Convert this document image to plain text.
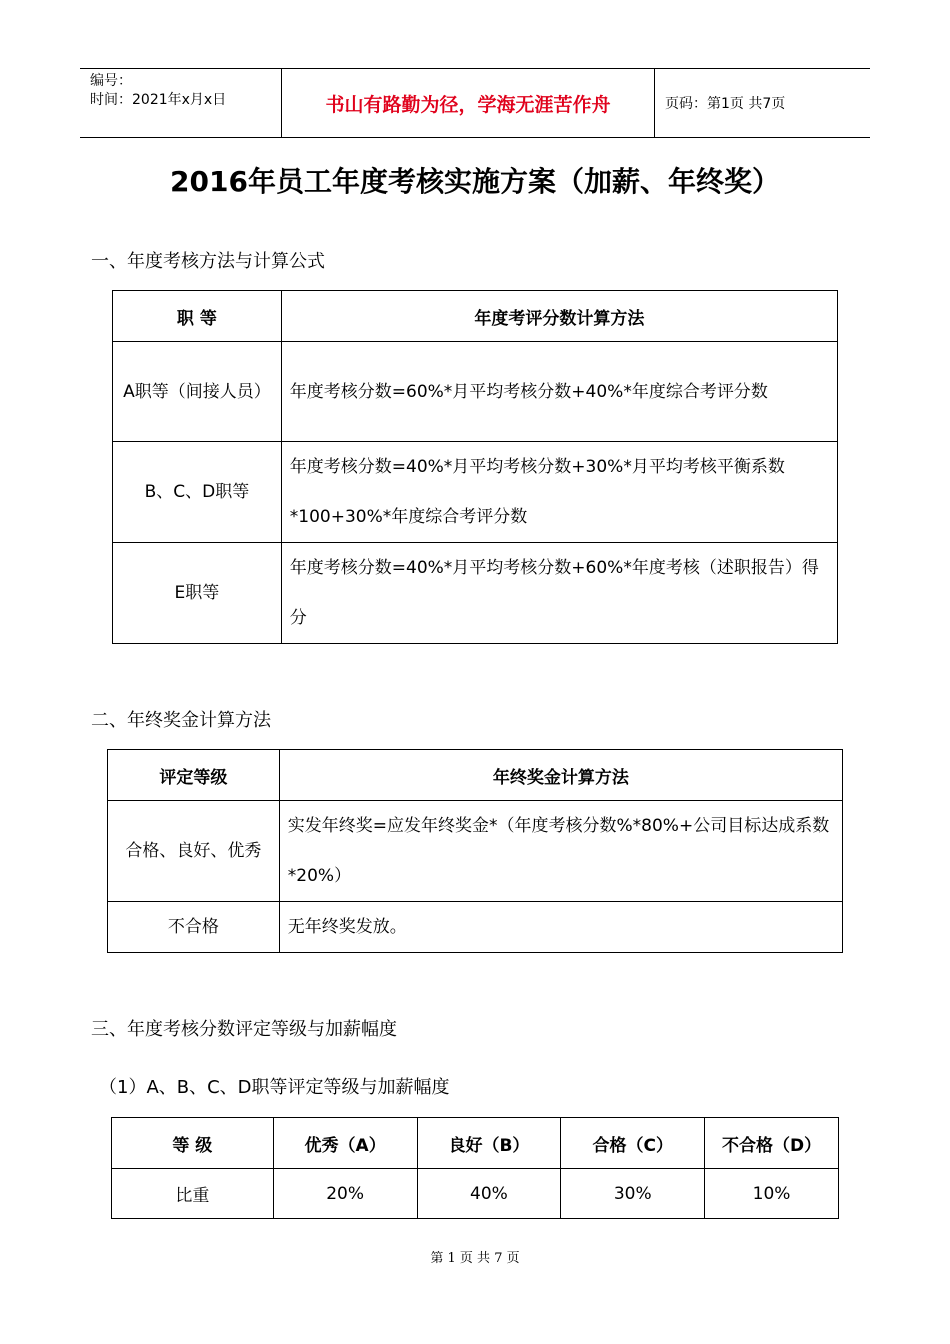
编号：
时间：2021年x月x日	书山有路勤为径，学海无涯苦作舟	页码：第1页 共7页
2016年员工年度考核实施方案（加薪、年终奖）
一、年度考核方法与计算公式
职 等	年度考评分数计算方法
A职等（间接人员）	年度考核分数=60%*月平均考核分数+40%*年度综合考评分数
B、C、D职等	年度考核分数=40%*月平均考核分数+30%*月平均考核平衡系数*100+30%*年度综合考评分数
E职等	年度考核分数=40%*月平均考核分数+60%*年度考核（述职报告）得分
二、年终奖金计算方法
评定等级	年终奖金计算方法
合格、良好、优秀	实发年终奖=应发年终奖金*（年度考核分数%*80%+公司目标达成系数*20%）
不合格	无年终奖发放。
三、年度考核分数评定等级与加薪幅度
（1）A、B、C、D职等评定等级与加薪幅度
等 级	优秀（A）	良好（B）	合格（C）	不合格（D）
比重	20%	40%	30%	10%
第 1 页 共 7 页
